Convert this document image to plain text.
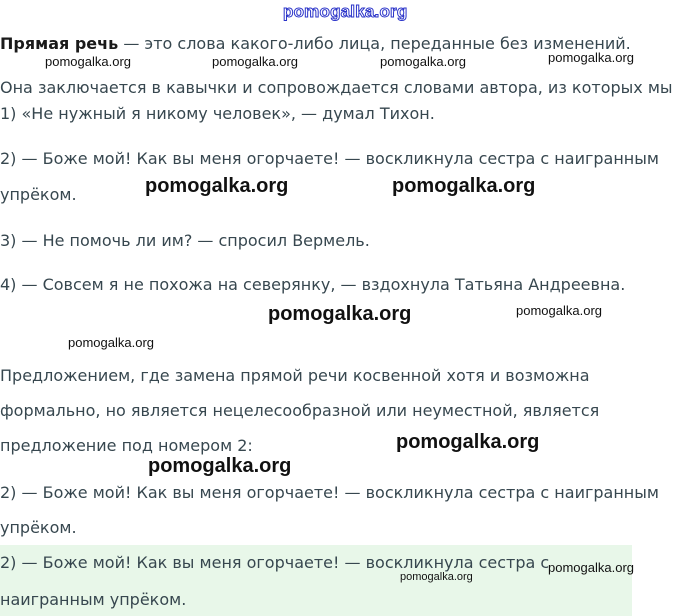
pomogalka.org
Прямая речь — это слова какого-либо лица, переданные без изменений.
Она заключается в кавычки и сопровождается словами автора, из которых мы
1) «Не нужный я никому человек», — думал Тихон.
2) — Боже мой! Как вы меня огорчаете! — воскликнула сестра с наигранным
упрёком.
3) — Не помочь ли им? — спросил Вермель.
4) — Совсем я не похожа на северянку, — вздохнула Татьяна Андреевна.
Предложением, где замена прямой речи косвенной хотя и возможна
формально, но является нецелесообразной или неуместной, является
предложение под номером 2:
2) — Боже мой! Как вы меня огорчаете! — воскликнула сестра с наигранным
упрёком.
2) — Боже мой! Как вы меня огорчаете! — воскликнула сестра с
наигранным упрёком.
pomogalka.org	pomogalka.org	pomogalka.org	pomogalka.org
pomogalka.org	pomogalka.org
pomogalka.org	pomogalka.org
pomogalka.org
pomogalka.org
pomogalka.org
pomogalka.org
pomogalka.org
